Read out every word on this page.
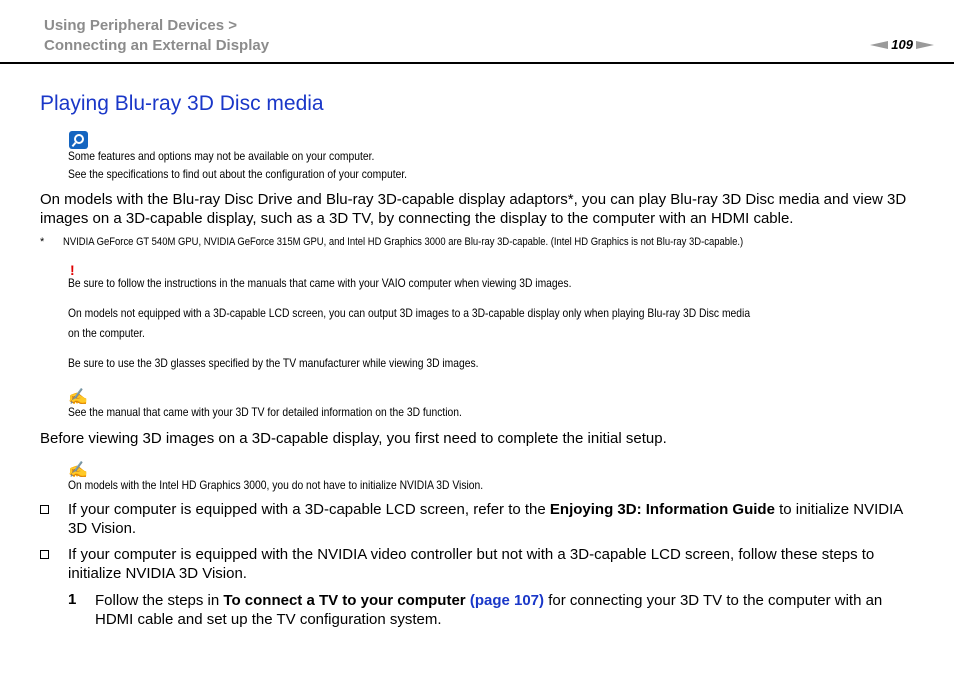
Using Peripheral Devices >
Connecting an External Display	109
Playing Blu-ray 3D Disc media
Some features and options may not be available on your computer.
See the specifications to find out about the configuration of your computer.
On models with the Blu-ray Disc Drive and Blu-ray 3D-capable display adaptors*, you can play Blu-ray 3D Disc media and view 3D images on a 3D-capable display, such as a 3D TV, by connecting the display to the computer with an HDMI cable.
* NVIDIA GeForce GT 540M GPU, NVIDIA GeForce 315M GPU, and Intel HD Graphics 3000 are Blu-ray 3D-capable. (Intel HD Graphics is not Blu-ray 3D-capable.)
!
Be sure to follow the instructions in the manuals that came with your VAIO computer when viewing 3D images.
On models not equipped with a 3D-capable LCD screen, you can output 3D images to a 3D-capable display only when playing Blu-ray 3D Disc media
on the computer.
Be sure to use the 3D glasses specified by the TV manufacturer while viewing 3D images.
✍
See the manual that came with your 3D TV for detailed information on the 3D function.
Before viewing 3D images on a 3D-capable display, you first need to complete the initial setup.
✍
On models with the Intel HD Graphics 3000, you do not have to initialize NVIDIA 3D Vision.
If your computer is equipped with a 3D-capable LCD screen, refer to the Enjoying 3D: Information Guide to initialize NVIDIA 3D Vision.
If your computer is equipped with the NVIDIA video controller but not with a 3D-capable LCD screen, follow these steps to initialize NVIDIA 3D Vision.
1 Follow the steps in To connect a TV to your computer (page 107) for connecting your 3D TV to the computer with an HDMI cable and set up the TV configuration system.
